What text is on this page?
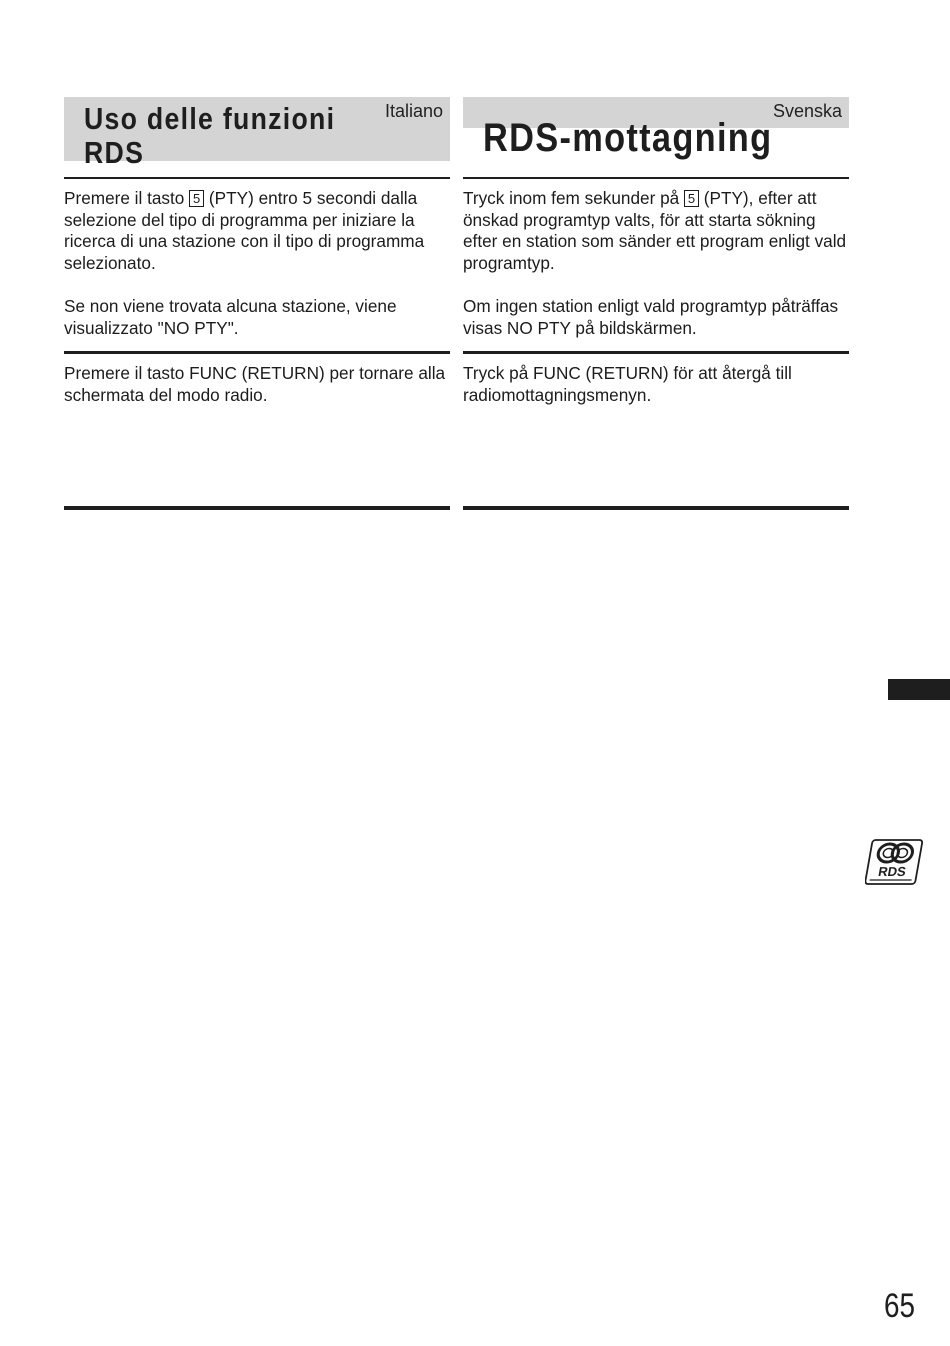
Italiano
Uso delle funzioni RDS

Premere il tasto 5 (PTY) entro 5 secondi dalla selezione del tipo di programma per iniziare la ricerca di una stazione con il tipo di programma selezionato.

Se non viene trovata alcuna stazione, viene visualizzato "NO PTY".

Premere il tasto FUNC (RETURN) per tornare alla schermata del modo radio.

Svenska
RDS-mottagning

Tryck inom fem sekunder på 5 (PTY), efter att önskad programtyp valts, för att starta sökning efter en station som sänder ett program enligt vald programtyp.

Om ingen station enligt vald programtyp påträffas visas NO PTY på bildskärmen.

Tryck på FUNC (RETURN) för att återgå till radiomottagningsmenyn.

RDS
65
